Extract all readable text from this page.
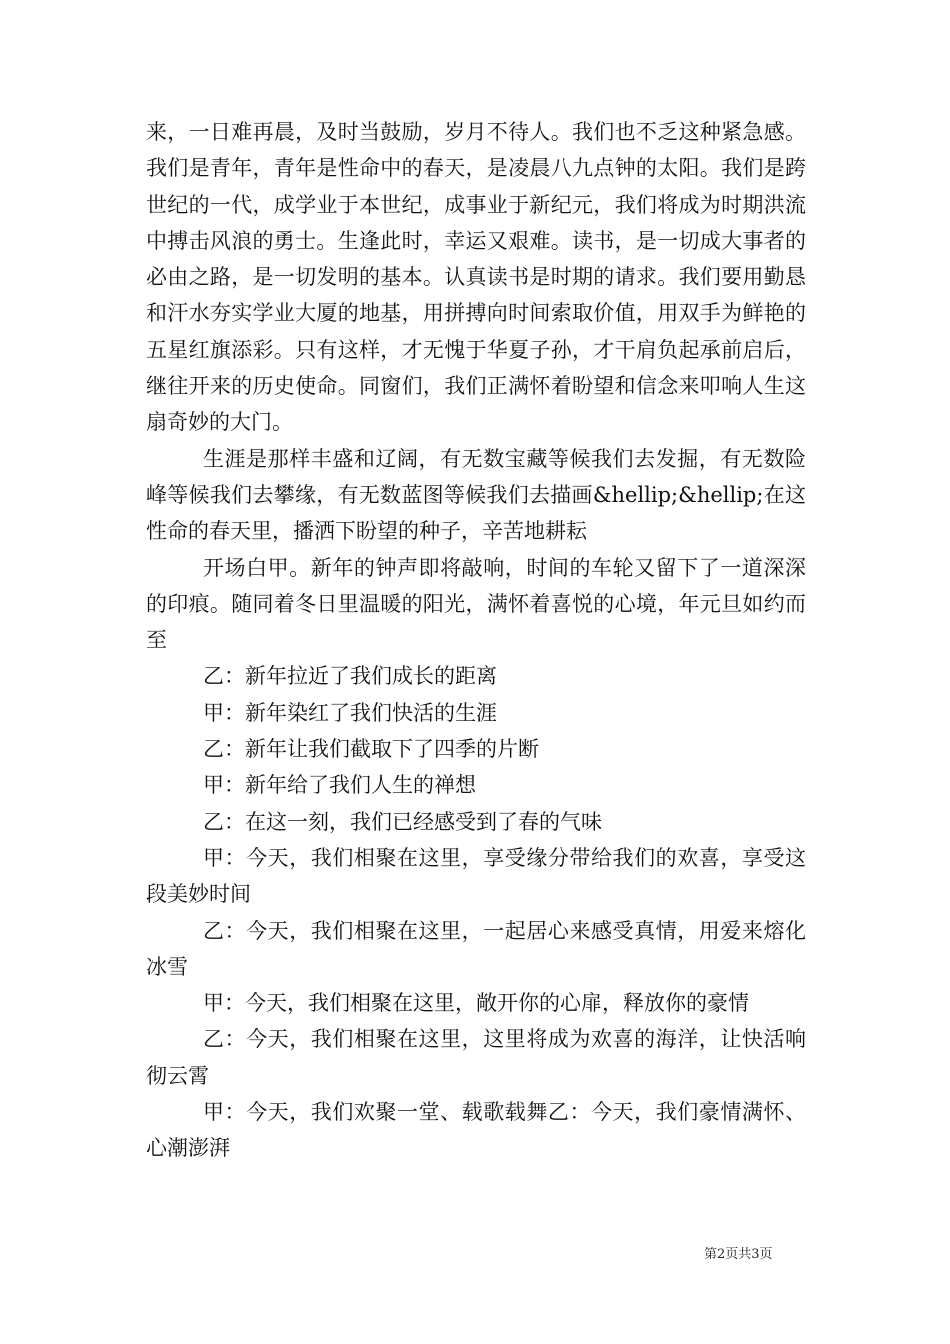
来，一日难再晨，及时当鼓励，岁月不待人。我们也不乏这种紧急感。我们是青年，青年是性命中的春天，是凌晨八九点钟的太阳。我们是跨世纪的一代，成学业于本世纪，成事业于新纪元，我们将成为时期洪流中搏击风浪的勇士。生逢此时，幸运又艰难。读书，是一切成大事者的必由之路，是一切发明的基本。认真读书是时期的请求。我们要用勤恳和汗水夯实学业大厦的地基，用拼搏向时间索取价值，用双手为鲜艳的五星红旗添彩。只有这样，才无愧于华夏子孙，才干肩负起承前启后，继往开来的历史使命。同窗们，我们正满怀着盼望和信念来叩响人生这扇奇妙的大门。

生涯是那样丰盛和辽阔，有无数宝藏等候我们去发掘，有无数险峰等候我们去攀缘，有无数蓝图等候我们去描画&hellip;&hellip;在这性命的春天里，播洒下盼望的种子，辛苦地耕耘

开场白甲。新年的钟声即将敲响，时间的车轮又留下了一道深深的印痕。随同着冬日里温暖的阳光，满怀着喜悦的心境，年元旦如约而至

乙：新年拉近了我们成长的距离

甲：新年染红了我们快活的生涯

乙：新年让我们截取下了四季的片断

甲：新年给了我们人生的禅想

乙：在这一刻，我们已经感受到了春的气味

甲：今天，我们相聚在这里，享受缘分带给我们的欢喜，享受这段美妙时间

乙：今天，我们相聚在这里，一起居心来感受真情，用爱来熔化冰雪

甲：今天，我们相聚在这里，敞开你的心扉，释放你的豪情

乙：今天，我们相聚在这里，这里将成为欢喜的海洋，让快活响彻云霄

甲：今天，我们欢聚一堂、载歌载舞乙：今天，我们豪情满怀、心潮澎湃

第2页共3页
